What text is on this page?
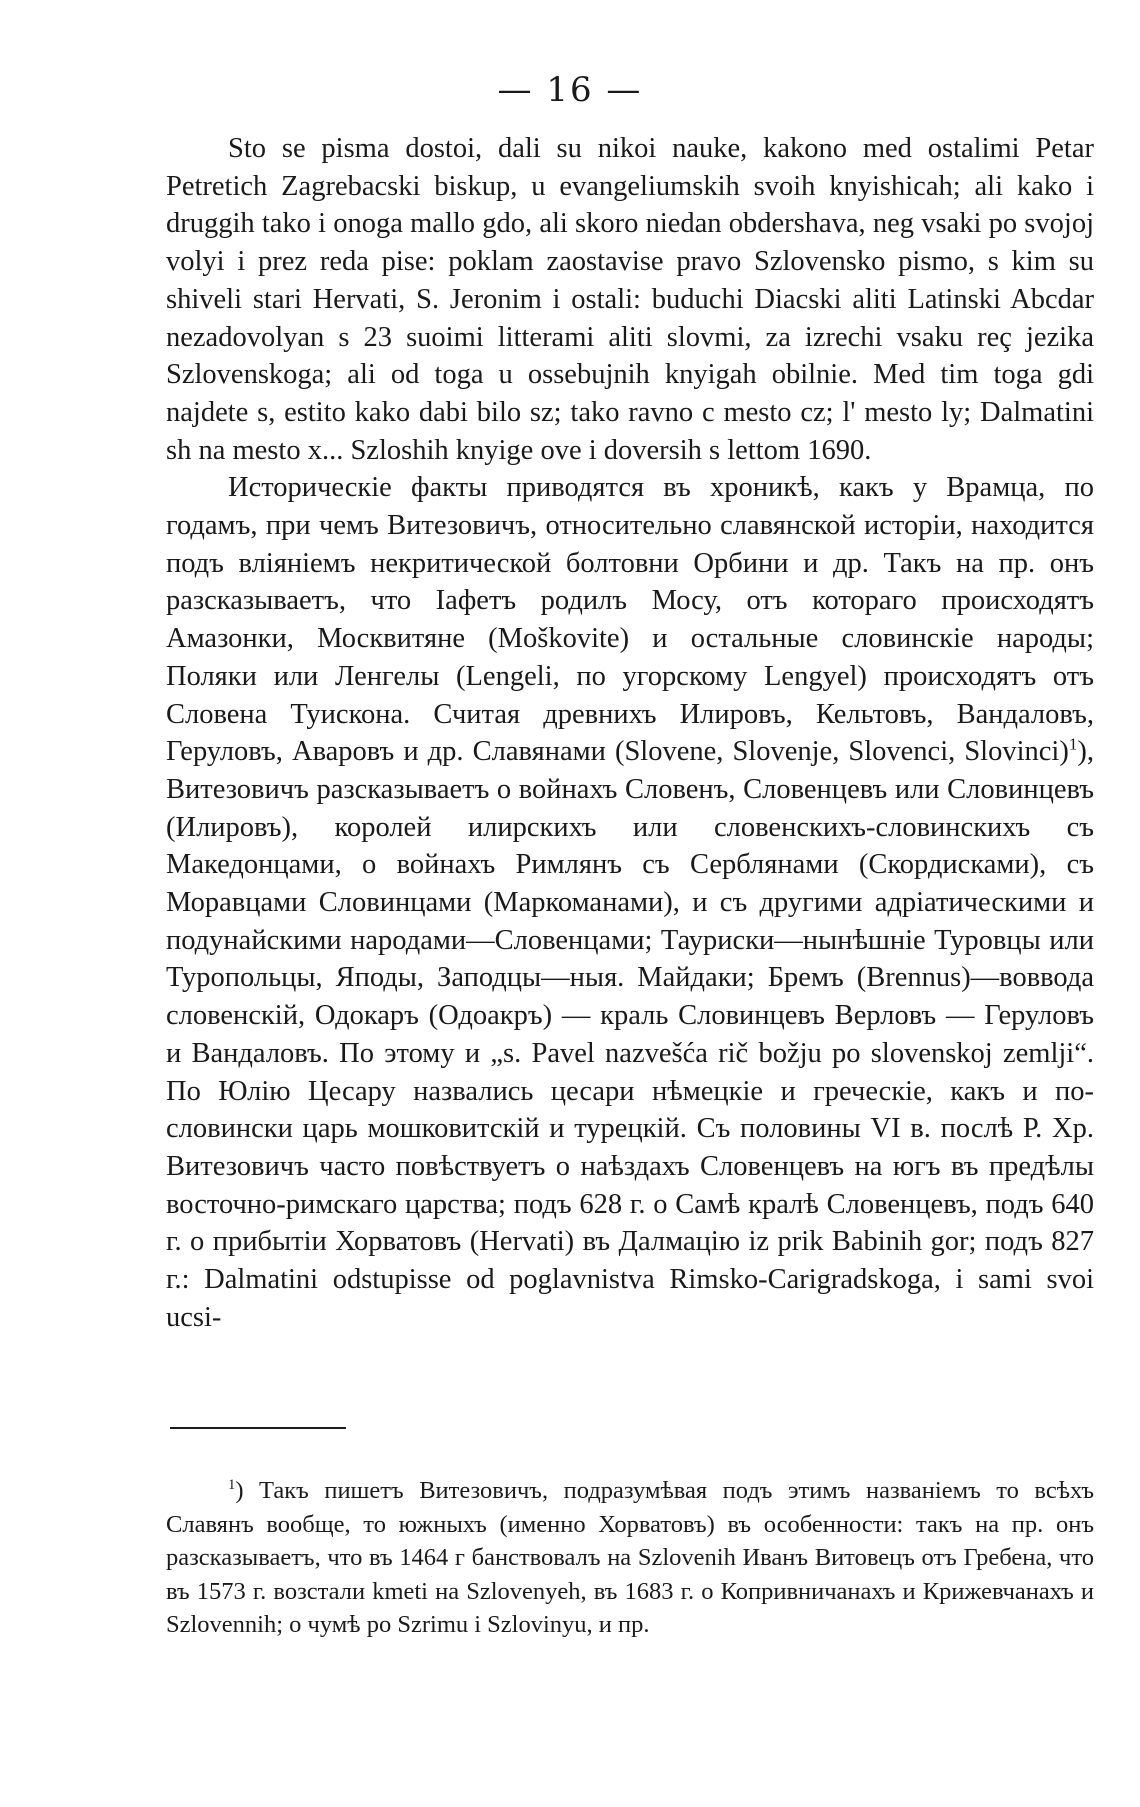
— 16 —

Sto se pisma dostoi, dali su nikoi nauke, kakono med ostalimi Petar Petretich Zagrebacski biskup, u evangeliumskih svoih knyishicah; ali kako i druggih tako i onoga mallo gdo, ali skoro niedan obdershava, neg vsaki po svojoj volyi i prez reda pise: poklam zaostavise pravo Szlovensko pismo, s kim su shiveli stari Hervati, S. Jeronim i ostali: buduchi Diacski aliti Latinski Abcdar nezadovolyan s 23 suoimi litterami aliti slovmi, za izrechi vsaku reç jezika Szlovenskoga; ali od toga u ossebujnih knyigah obilnie. Med tim toga gdi najdete s, estito kako dabi bilo sz; tako ravno c mesto cz; l' mesto ly; Dalmatini sh na mesto x... Szloshih knyige ove i doversih s lettom 1690.

Историческіе факты приводятся въ хроникѣ, какъ у Врамца, по годамъ, при чемъ Витезовичъ, относительно славянской исторіи, находится подъ вліяніемъ некритической болтовни Орбини и др. Такъ на пр. онъ разсказываетъ, что Іафетъ родилъ Мосу, отъ котораго происходятъ Амазонки, Москвитяне (Moškovite) и остальные словинскіе народы; Поляки или Ленгелы (Lengeli, по угорскому Lengyel) происходятъ отъ Словена Туискона. Считая древнихъ Илировъ, Кельтовъ, Вандаловъ, Геруловъ, Аваровъ и др. Славянами (Slovene, Slovenje, Slovenci, Slovinci)$^1$), Витезовичъ разсказываетъ о войнахъ Словенъ, Словенцевъ или Словинцевъ (Илировъ), королей илирскихъ или словенскихъ-словинскихъ съ Македонцами, о войнахъ Римлянъ съ Серблянами (Скордисками), съ Моравцами Словинцами (Маркоманами), и съ другими адріатическими и подунайскими народами—Словенцами; Тауриски—нынѣшніе Туровцы или Туропольцы, Яподы, Заподцы—ныя. Майдаки; Бремъ (Brennus)—воввода словенскій, Одокаръ (Одоакръ) — краль Словинцевъ Верловъ — Геруловъ и Вандаловъ. По этому и „s. Pavel nazvešća rič božju po slovenskoj zemlji“. По Юлію Цесару назвались цесари нѣмецкіе и греческіе, какъ и по-словински царь мошковитскій и турецкій. Съ половины VI в. послѣ Р. Хр. Витезовичъ часто повѣствуетъ о наѣздахъ Словенцевъ на югъ въ предѣлы восточно-римскаго царства; подъ 628 г. о Самѣ кралѣ Словенцевъ, подъ 640 г. о прибытіи Хорватовъ (Hervati) въ Далмацію iz prik Babinih gor; подъ 827 г.: Dalmatini odstupisse od poglavnistva Rimsko-Carigradskoga, i sami svoi ucsi-

$^1$) Такъ пишетъ Витезовичъ, подразумѣвая подъ этимъ названіемъ то всѣхъ Славянъ вообще, то южныхъ (именно Хорватовъ) въ особенности: такъ на пр. онъ разсказываетъ, что въ 1464 г банствовалъ на Szlovenih Иванъ Витовецъ отъ Гребена, что въ 1573 г. возстали kmeti на Szlovenyeh, въ 1683 г. о Копривничанахъ и Крижевчанахъ и Szlovennih; о чумѣ po Szrimu i Szlovinyu, и пр.
